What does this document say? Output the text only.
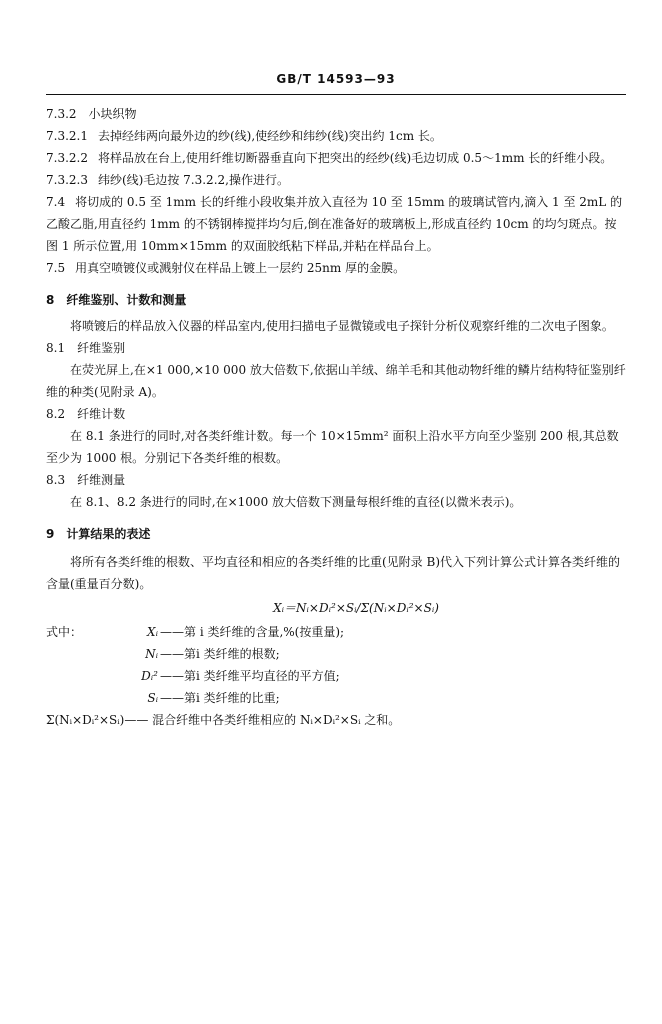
GB/T 14593—93

7.3.2 小块织物

7.3.2.1 去掉经纬两向最外边的纱(线),使经纱和纬纱(线)突出约 1cm 长。

7.3.2.2 将样品放在台上,使用纤维切断器垂直向下把突出的经纱(线)毛边切成 0.5～1mm 长的纤维小段。

7.3.2.3 纬纱(线)毛边按 7.3.2.2,操作进行。

7.4 将切成的 0.5 至 1mm 长的纤维小段收集并放入直径为 10 至 15mm 的玻璃试管内,滴入 1 至 2mL 的乙酸乙脂,用直径约 1mm 的不锈钢棒搅拌均匀后,倒在准备好的玻璃板上,形成直径约 10cm 的均匀斑点。按图 1 所示位置,用 10mm×15mm 的双面胶纸粘下样品,并粘在样品台上。

7.5 用真空喷镀仪或溅射仪在样品上镀上一层约 25nm 厚的金膜。

8 纤维鉴别、计数和测量

将喷镀后的样品放入仪器的样品室内,使用扫描电子显微镜或电子探针分析仪观察纤维的二次电子图象。

8.1 纤维鉴别

在荧光屏上,在×1 000,×10 000 放大倍数下,依据山羊绒、绵羊毛和其他动物纤维的鳞片结构特征鉴别纤维的种类(见附录 A)。

8.2 纤维计数

在 8.1 条进行的同时,对各类纤维计数。每一个 10×15mm² 面积上沿水平方向至少鉴别 200 根,其总数至少为 1000 根。分别记下各类纤维的根数。

8.3 纤维测量

在 8.1、8.2 条进行的同时,在×1000 放大倍数下测量每根纤维的直径(以微米表示)。

9 计算结果的表述

将所有各类纤维的根数、平均直径和相应的各类纤维的比重(见附录 B)代入下列计算公式计算各类纤维的含量(重量百分数)。

Xᵢ＝Nᵢ×Dᵢ²×Sᵢ/Σ(Nᵢ×Dᵢ²×Sᵢ)

式中：	Xᵢ ——第 i 类纤维的含量,%(按重量);
Nᵢ ——第i 类纤维的根数;
Dᵢ² ——第i 类纤维平均直径的平方值;
Sᵢ ——第i 类纤维的比重;

Σ(Nᵢ×Dᵢ²×Sᵢ)—— 混合纤维中各类纤维相应的 Nᵢ×Dᵢ²×Sᵢ 之和。
